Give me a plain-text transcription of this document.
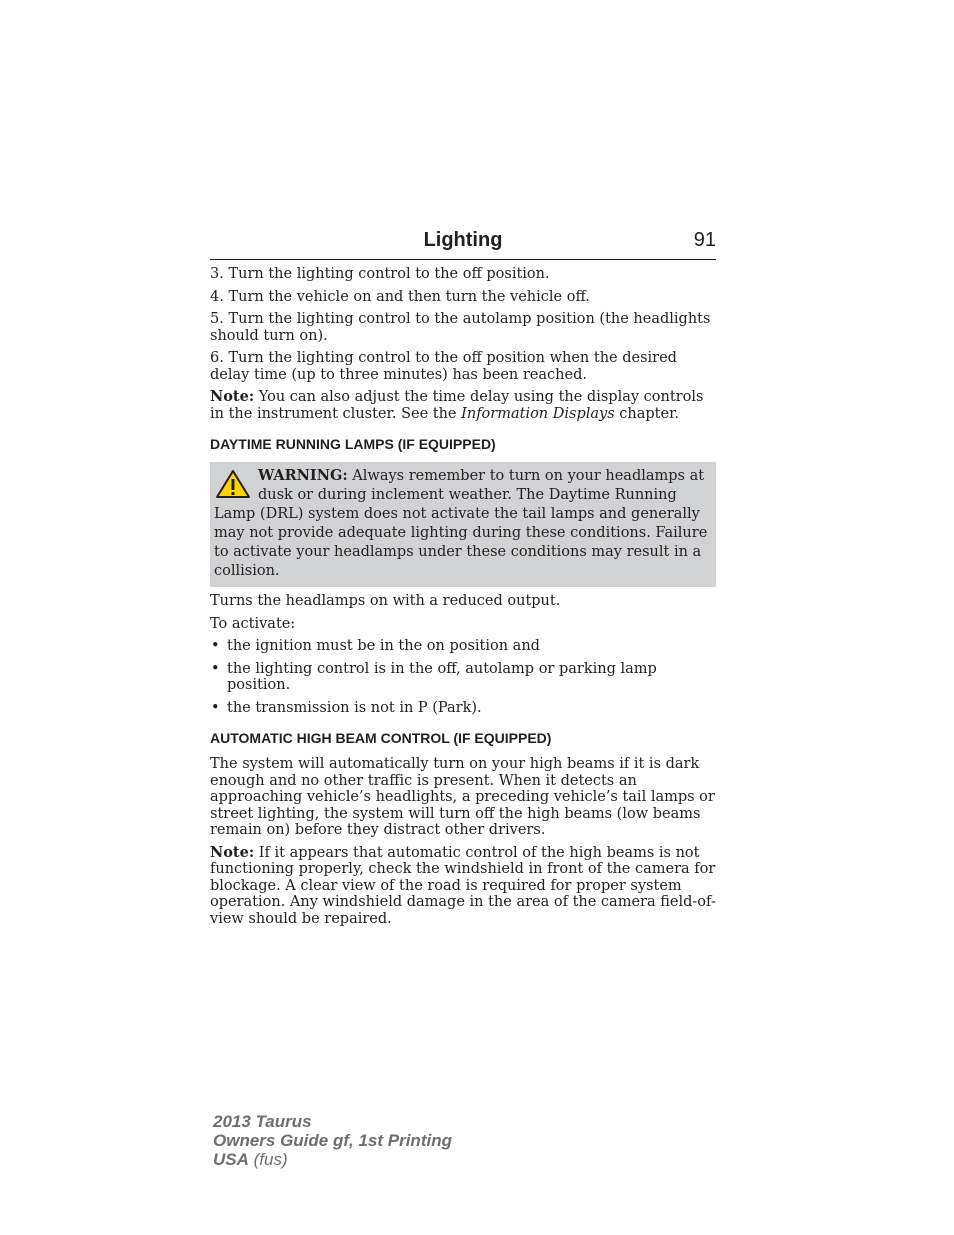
Lighting	91

3. Turn the lighting control to the off position.

4. Turn the vehicle on and then turn the vehicle off.

5. Turn the lighting control to the autolamp position (the headlights should turn on).

6. Turn the lighting control to the off position when the desired delay time (up to three minutes) has been reached.

Note: You can also adjust the time delay using the display controls in the instrument cluster. See the Information Displays chapter.

DAYTIME RUNNING LAMPS (IF EQUIPPED)
WARNING: Always remember to turn on your headlamps at dusk or during inclement weather. The Daytime Running Lamp (DRL) system does not activate the tail lamps and generally may not provide adequate lighting during these conditions. Failure to activate your headlamps under these conditions may result in a collision.

Turns the headlamps on with a reduced output.

To activate:

• the ignition must be in the on position and
• the lighting control is in the off, autolamp or parking lamp position.
• the transmission is not in P (Park).
AUTOMATIC HIGH BEAM CONTROL (IF EQUIPPED)

The system will automatically turn on your high beams if it is dark enough and no other traffic is present. When it detects an approaching vehicle’s headlights, a preceding vehicle’s tail lamps or street lighting, the system will turn off the high beams (low beams remain on) before they distract other drivers.

Note: If it appears that automatic control of the high beams is not functioning properly, check the windshield in front of the camera for blockage. A clear view of the road is required for proper system operation. Any windshield damage in the area of the camera field-of-view should be repaired.

2013 Taurus
Owners Guide gf, 1st Printing
USA (fus)
